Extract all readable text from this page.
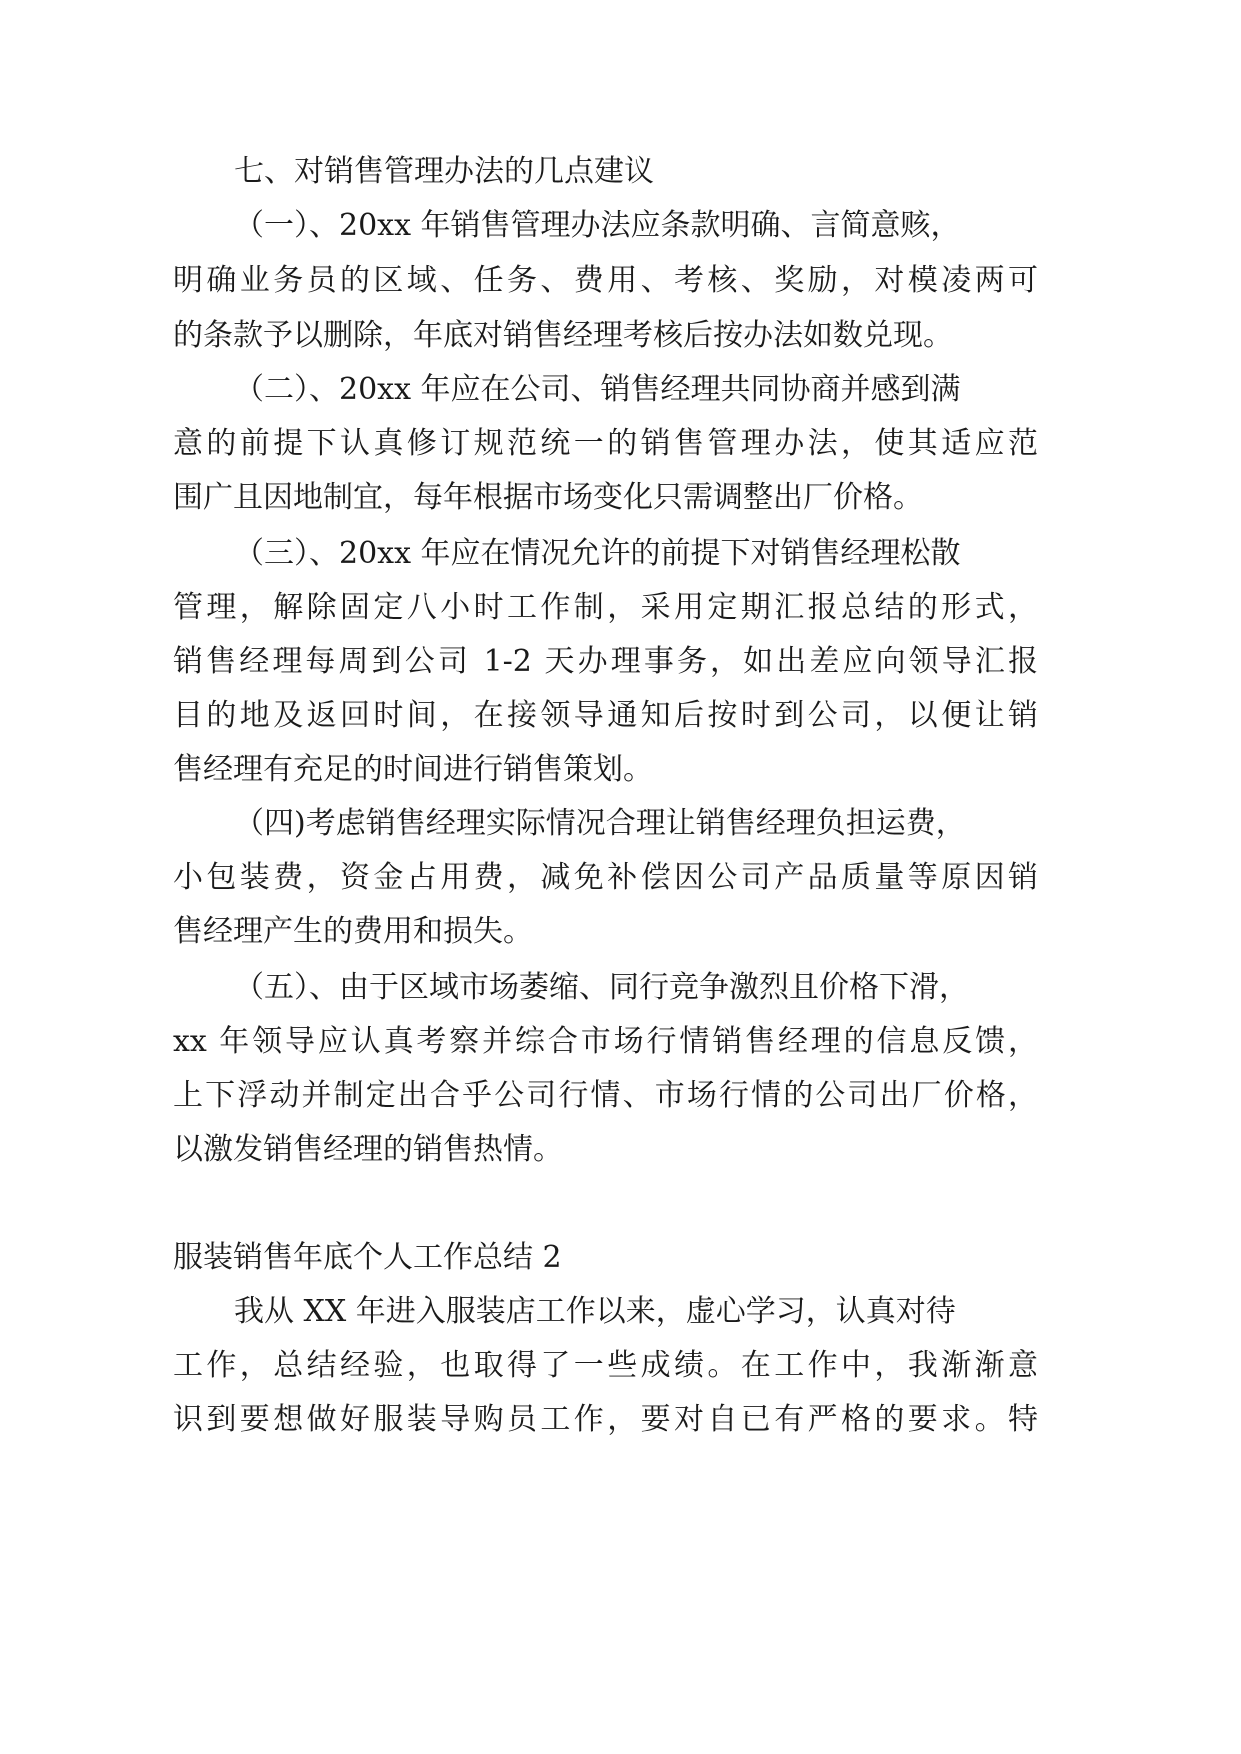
七、对销售管理办法的几点建议
（一）、20xx 年销售管理办法应条款明确、言简意赅，
明确业务员的区域、任务、费用、考核、奖励，对模凌两可
的条款予以删除，年底对销售经理考核后按办法如数兑现。
（二）、20xx 年应在公司、销售经理共同协商并感到满
意的前提下认真修订规范统一的销售管理办法，使其适应范
围广且因地制宜，每年根据市场变化只需调整出厂价格。
（三）、20xx 年应在情况允许的前提下对销售经理松散
管理，解除固定八小时工作制，采用定期汇报总结的形式，
销售经理每周到公司 1-2 天办理事务，如出差应向领导汇报
目的地及返回时间，在接领导通知后按时到公司，以便让销
售经理有充足的时间进行销售策划。
（四)考虑销售经理实际情况合理让销售经理负担运费，
小包装费，资金占用费，减免补偿因公司产品质量等原因销
售经理产生的费用和损失。
（五）、由于区域市场萎缩、同行竞争激烈且价格下滑，
xx 年领导应认真考察并综合市场行情销售经理的信息反馈，
上下浮动并制定出合乎公司行情、市场行情的公司出厂价格，
以激发销售经理的销售热情。
服装销售年底个人工作总结 2
我从 XX 年进入服装店工作以来，虚心学习，认真对待
工作，总结经验，也取得了一些成绩。在工作中，我渐渐意
识到要想做好服装导购员工作，要对自已有严格的要求。特
